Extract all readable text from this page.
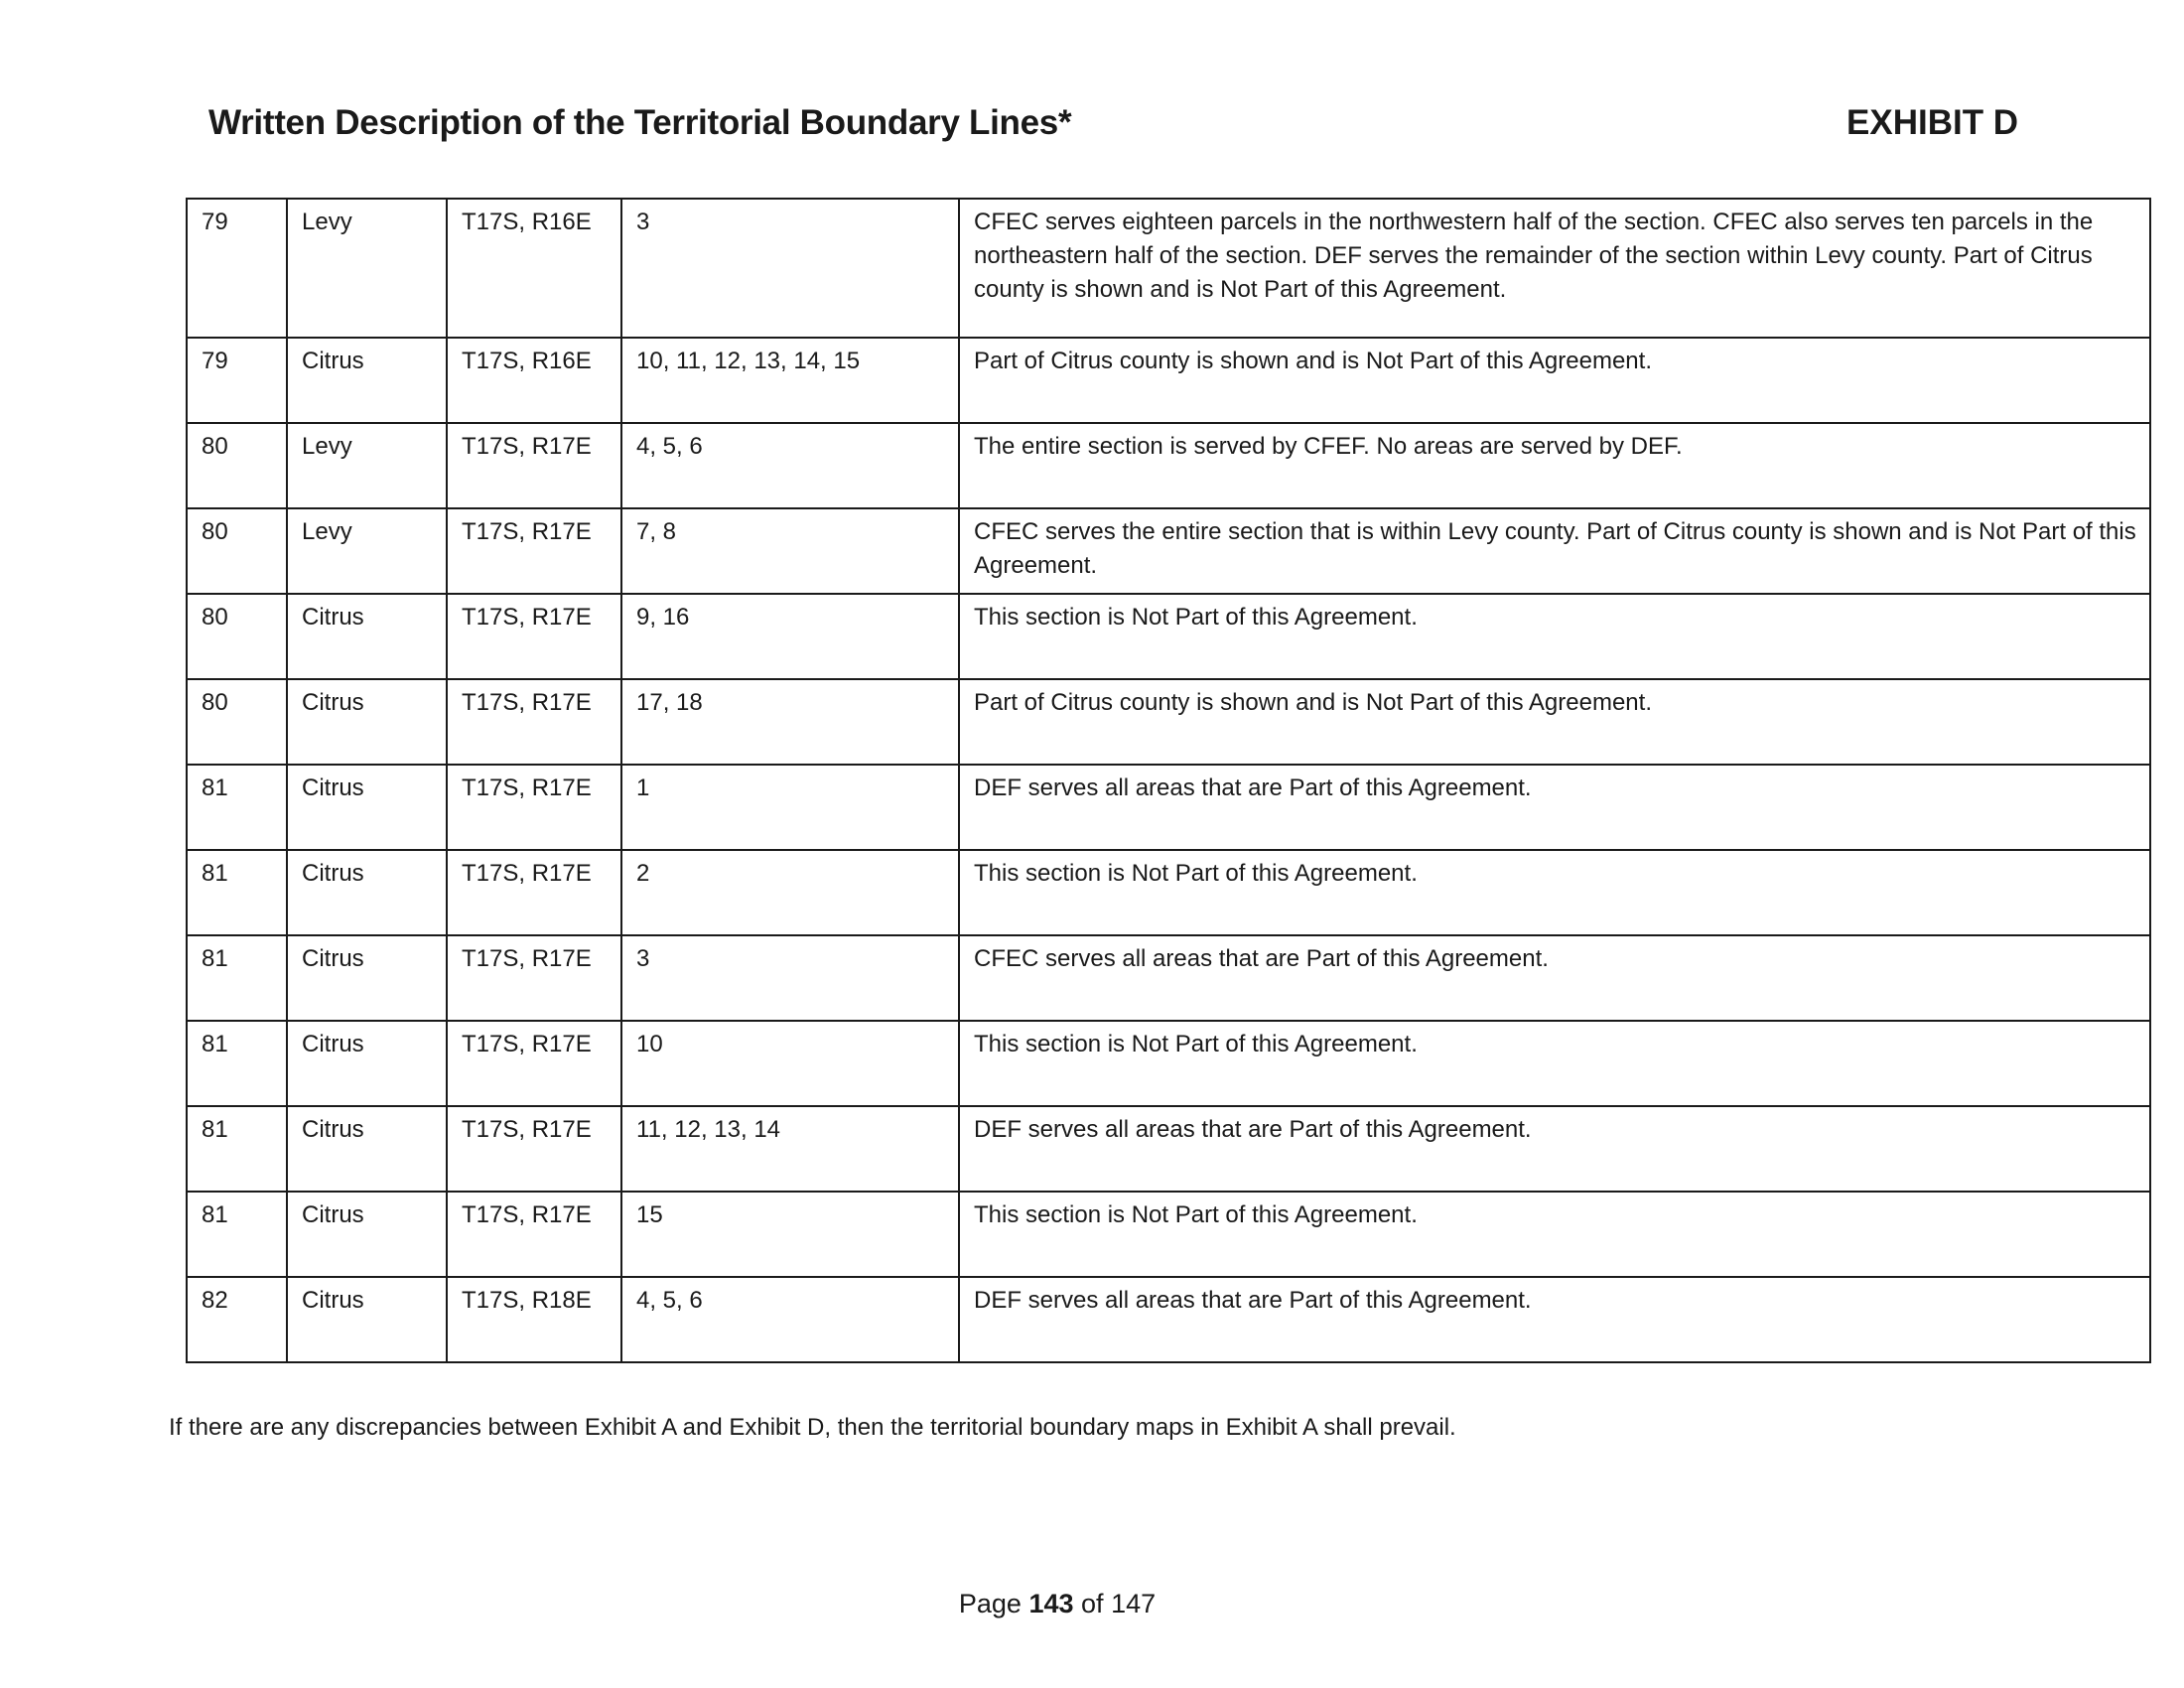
Written Description of the Territorial Boundary Lines*	EXHIBIT D
79	Levy	T17S, R16E	3	CFEC serves eighteen parcels in the northwestern half of the section. CFEC also serves ten parcels in the northeastern half of the section. DEF serves the remainder of the section within Levy county. Part of Citrus county is shown and is Not Part of this Agreement.
79	Citrus	T17S, R16E	10, 11, 12, 13, 14, 15	Part of Citrus county is shown and is Not Part of this Agreement.
80	Levy	T17S, R17E	4, 5, 6	The entire section is served by CFEF. No areas are served by DEF.
80	Levy	T17S, R17E	7, 8	CFEC serves the entire section that is within Levy county. Part of Citrus county is shown and is Not Part of this Agreement.
80	Citrus	T17S, R17E	9, 16	This section is Not Part of this Agreement.
80	Citrus	T17S, R17E	17, 18	Part of Citrus county is shown and is Not Part of this Agreement.
81	Citrus	T17S, R17E	1	DEF serves all areas that are Part of this Agreement.
81	Citrus	T17S, R17E	2	This section is Not Part of this Agreement.
81	Citrus	T17S, R17E	3	CFEC serves all areas that are Part of this Agreement.
81	Citrus	T17S, R17E	10	This section is Not Part of this Agreement.
81	Citrus	T17S, R17E	11, 12, 13, 14	DEF serves all areas that are Part of this Agreement.
81	Citrus	T17S, R17E	15	This section is Not Part of this Agreement.
82	Citrus	T17S, R18E	4, 5, 6	DEF serves all areas that are Part of this Agreement.
If there are any discrepancies between Exhibit A and Exhibit D, then the territorial boundary maps in Exhibit A shall prevail.
Page 143 of 147
